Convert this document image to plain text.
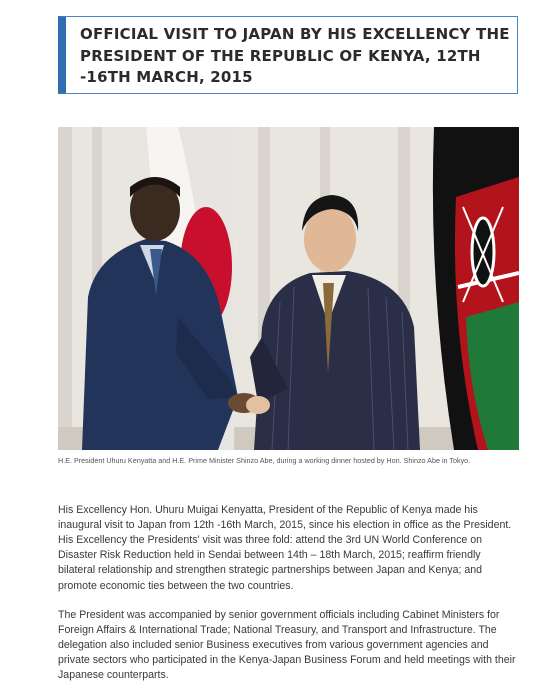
OFFICIAL VISIT TO JAPAN BY HIS EXCELLENCY THE PRESIDENT OF THE REPUBLIC OF KENYA, 12TH -16TH MARCH, 2015
H.E. President Uhuru Kenyatta and H.E. Prime Minister Shinzo Abe, during a working dinner hosted by Hon. Shinzo Abe in Tokyo.

His Excellency Hon. Uhuru Muigai Kenyatta, President of the Republic of Kenya made his inaugural visit to Japan from 12th -16th March, 2015, since his election in office as the President. His Excellency the Presidents' visit was three fold: attend the 3rd UN World Conference on Disaster Risk Reduction held in Sendai between 14th – 18th March, 2015; reaffirm friendly bilateral relationship and strengthen strategic partnerships between Japan and Kenya; and promote economic ties between the two countries.

The President was accompanied by senior government officials including Cabinet Ministers for Foreign Affairs & International Trade; National Treasury, and Transport and Infrastructure. The delegation also included senior Business executives from various government agencies and private sectors who participated in the Kenya-Japan Business Forum and held meetings with their Japanese counterparts.
